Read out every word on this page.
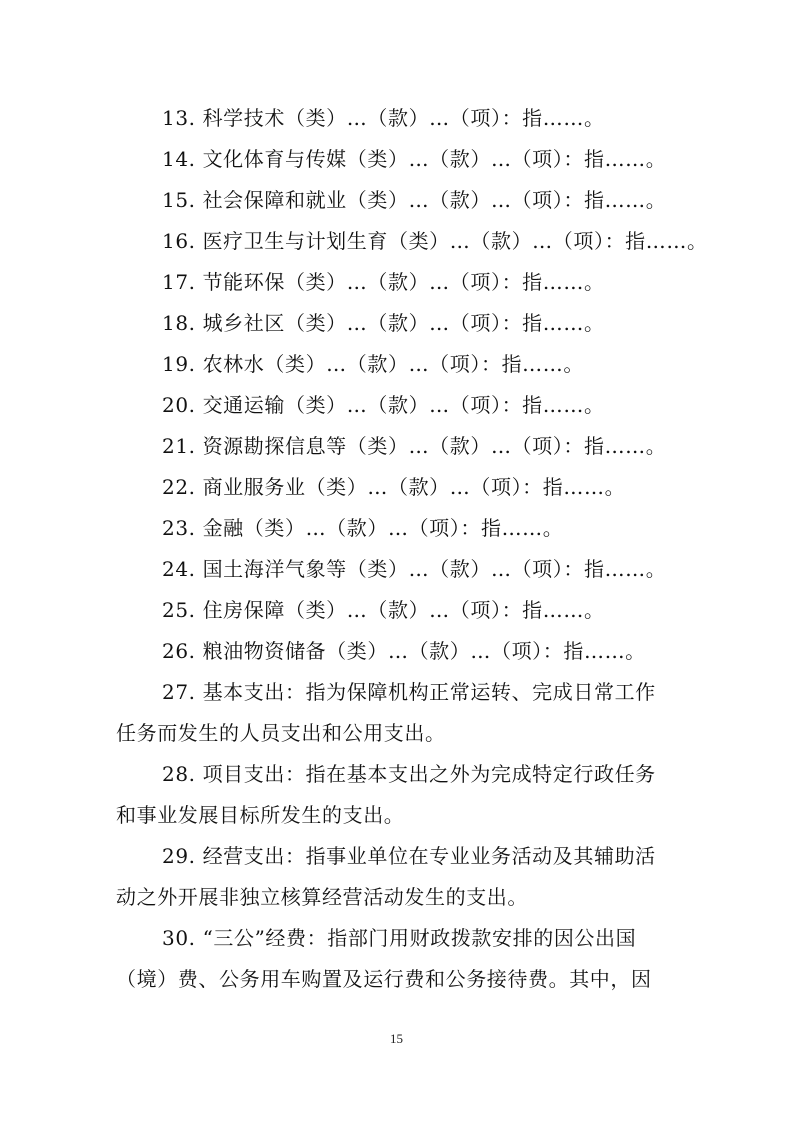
13. 科学技术（类）…（款）…（项）：指……。
14. 文化体育与传媒（类）…（款）…（项）：指……。
15. 社会保障和就业（类）…（款）…（项）：指……。
16. 医疗卫生与计划生育（类）…（款）…（项）：指……。
17. 节能环保（类）…（款）…（项）：指……。
18. 城乡社区（类）…（款）…（项）：指……。
19. 农林水（类）…（款）…（项）：指……。
20. 交通运输（类）…（款）…（项）：指……。
21. 资源勘探信息等（类）…（款）…（项）：指……。
22. 商业服务业（类）…（款）…（项）：指……。
23. 金融（类）…（款）…（项）：指……。
24. 国土海洋气象等（类）…（款）…（项）：指……。
25. 住房保障（类）…（款）…（项）：指……。
26. 粮油物资储备（类）…（款）…（项）：指……。
27. 基本支出：指为保障机构正常运转、完成日常工作
任务而发生的人员支出和公用支出。
28. 项目支出：指在基本支出之外为完成特定行政任务
和事业发展目标所发生的支出。
29. 经营支出：指事业单位在专业业务活动及其辅助活
动之外开展非独立核算经营活动发生的支出。
30. “三公”经费：指部门用财政拨款安排的因公出国
（境）费、公务用车购置及运行费和公务接待费。其中，因
15
